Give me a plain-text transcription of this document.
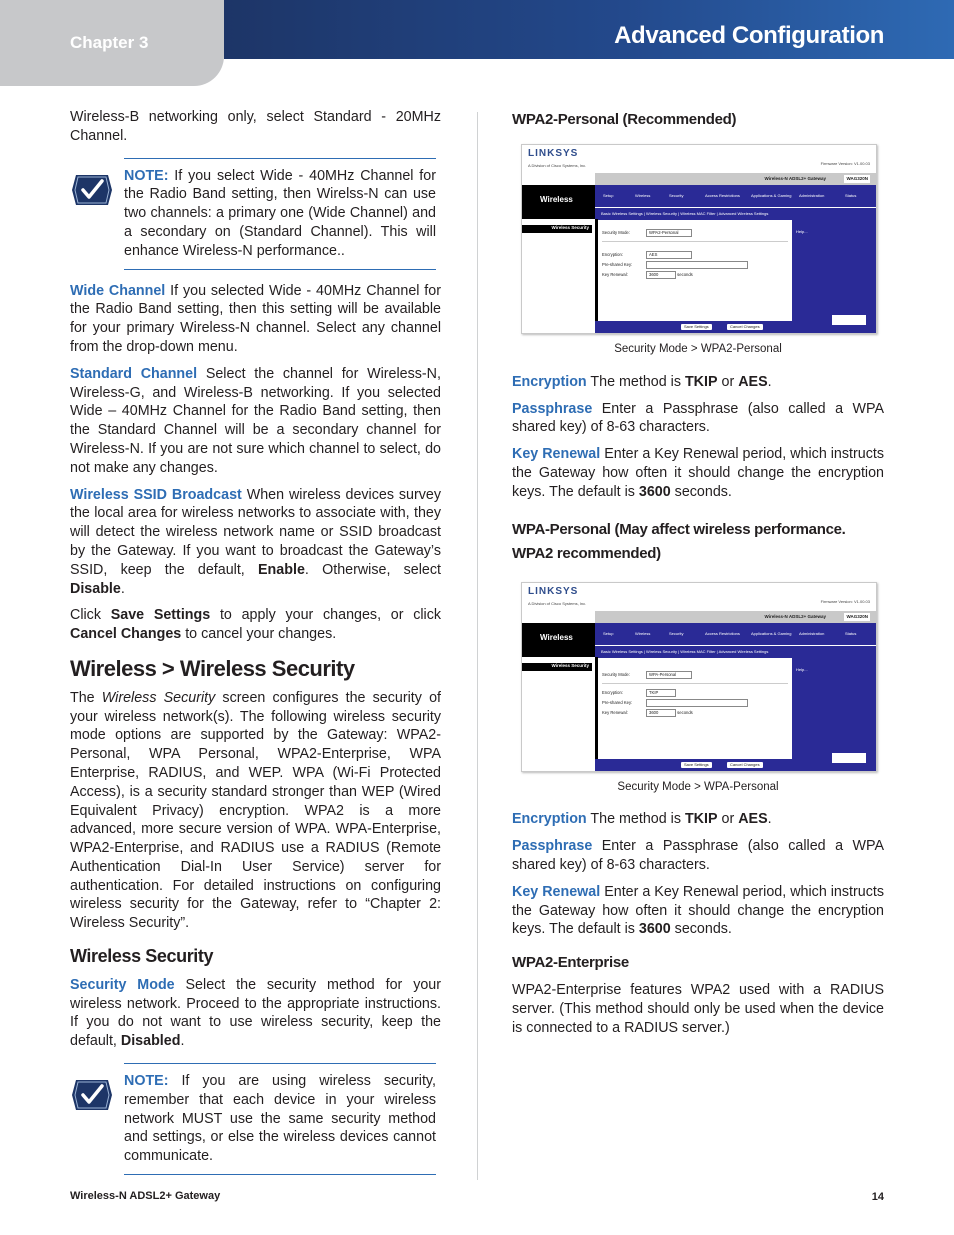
Chapter 3	Advanced Configuration

Wireless-B networking only, select Standard - 20MHz Channel.

NOTE: If you select Wide - 40MHz Channel for the Radio Band setting, then Wirelss-N can use two channels: a primary one (Wide Channel) and a secondary on (Standard Channel). This will enhance Wireless-N performance..

Wide Channel If you selected Wide - 40MHz Channel for the Radio Band setting, then this setting will be available for your primary Wireless-N channel. Select any channel from the drop-down menu.

Standard Channel Select the channel for Wireless-N, Wireless-G, and Wireless-B networking. If you selected Wide – 40MHz Channel for the Radio Band setting, then the Standard Channel will be a secondary channel for Wireless-N. If you are not sure which channel to select, do not make any changes.

Wireless SSID Broadcast When wireless devices survey the local area for wireless networks to associate with, they will detect the wireless network name or SSID broadcast by the Gateway. If you want to broadcast the Gateway’s SSID, keep the default, Enable. Otherwise, select Disable.

Click Save Settings to apply your changes, or click Cancel Changes to cancel your changes.

Wireless > Wireless Security

The Wireless Security screen configures the security of your wireless network(s). The following wireless security mode options are supported by the Gateway: WPA2-Personal, WPA Personal, WPA2-Enterprise, WPA Enterprise, RADIUS, and WEP. WPA (Wi-Fi Protected Access), is a security standard stronger than WEP (Wired Equivalent Privacy) encryption. WPA2 is a more advanced, more secure version of WPA. WPA-Enterprise, WPA2-Enterprise, and RADIUS use a RADIUS (Remote Authentication Dial-In User Service) server for authentication. For detailed instructions on configuring wireless security for the Gateway, refer to “Chapter 2: Wireless Security”.

Wireless Security

Security Mode Select the security method for your wireless network. Proceed to the appropriate instructions. If you do not want to use wireless security, keep the default, Disabled.

NOTE: If you are using wireless security, remember that each device in your wireless network MUST use the same security method and settings, or else the wireless devices cannot communicate.
WPA2-Personal (Recommended)
LINKSYS
A Division of Cisco Systems, Inc.	Firmware Version: V1.00.03
Wireless-N ADSL2+ Gateway	WAG320N
Wireless	Setup	Wireless	Security	Access Restrictions	Applications & Gaming Administration	Status
Basic Wireless Settings | Wireless Security | Wireless MAC Filter | Advanced Wireless Settings
Wireless Security
Security Mode:	WPA2-Personal
Encryption:	AES
Pre-shared Key:
Key Renewal:	3600	seconds
Help...
Save Settings	Cancel Changes
Security Mode > WPA2-Personal

Encryption The method is TKIP or AES.

Passphrase Enter a Passphrase (also called a WPA shared key) of 8-63 characters.

Key Renewal Enter a Key Renewal period, which instructs the Gateway how often it should change the encryption keys. The default is 3600 seconds.

WPA-Personal (May affect wireless performance. WPA2 recommended)
LINKSYS
A Division of Cisco Systems, Inc.	Firmware Version: V1.00.03
Wireless-N ADSL2+ Gateway	WAG320N
Wireless	Setup	Wireless	Security	Access Restrictions	Applications & Gaming Administration	Status
Basic Wireless Settings | Wireless Security | Wireless MAC Filter | Advanced Wireless Settings
Wireless Security
Security Mode:	WPA-Personal
Encryption:	TKIP
Pre-shared Key:
Key Renewal:	3600	seconds
Help...
Save Settings	Cancel Changes
Security Mode > WPA-Personal

Encryption The method is TKIP or AES.

Passphrase Enter a Passphrase (also called a WPA shared key) of 8-63 characters.

Key Renewal Enter a Key Renewal period, which instructs the Gateway how often it should change the encryption keys. The default is 3600 seconds.

WPA2-Enterprise

WPA2-Enterprise features WPA2 used with a RADIUS server. (This method should only be used when the device is connected to a RADIUS server.)

Wireless-N ADSL2+ Gateway	14
